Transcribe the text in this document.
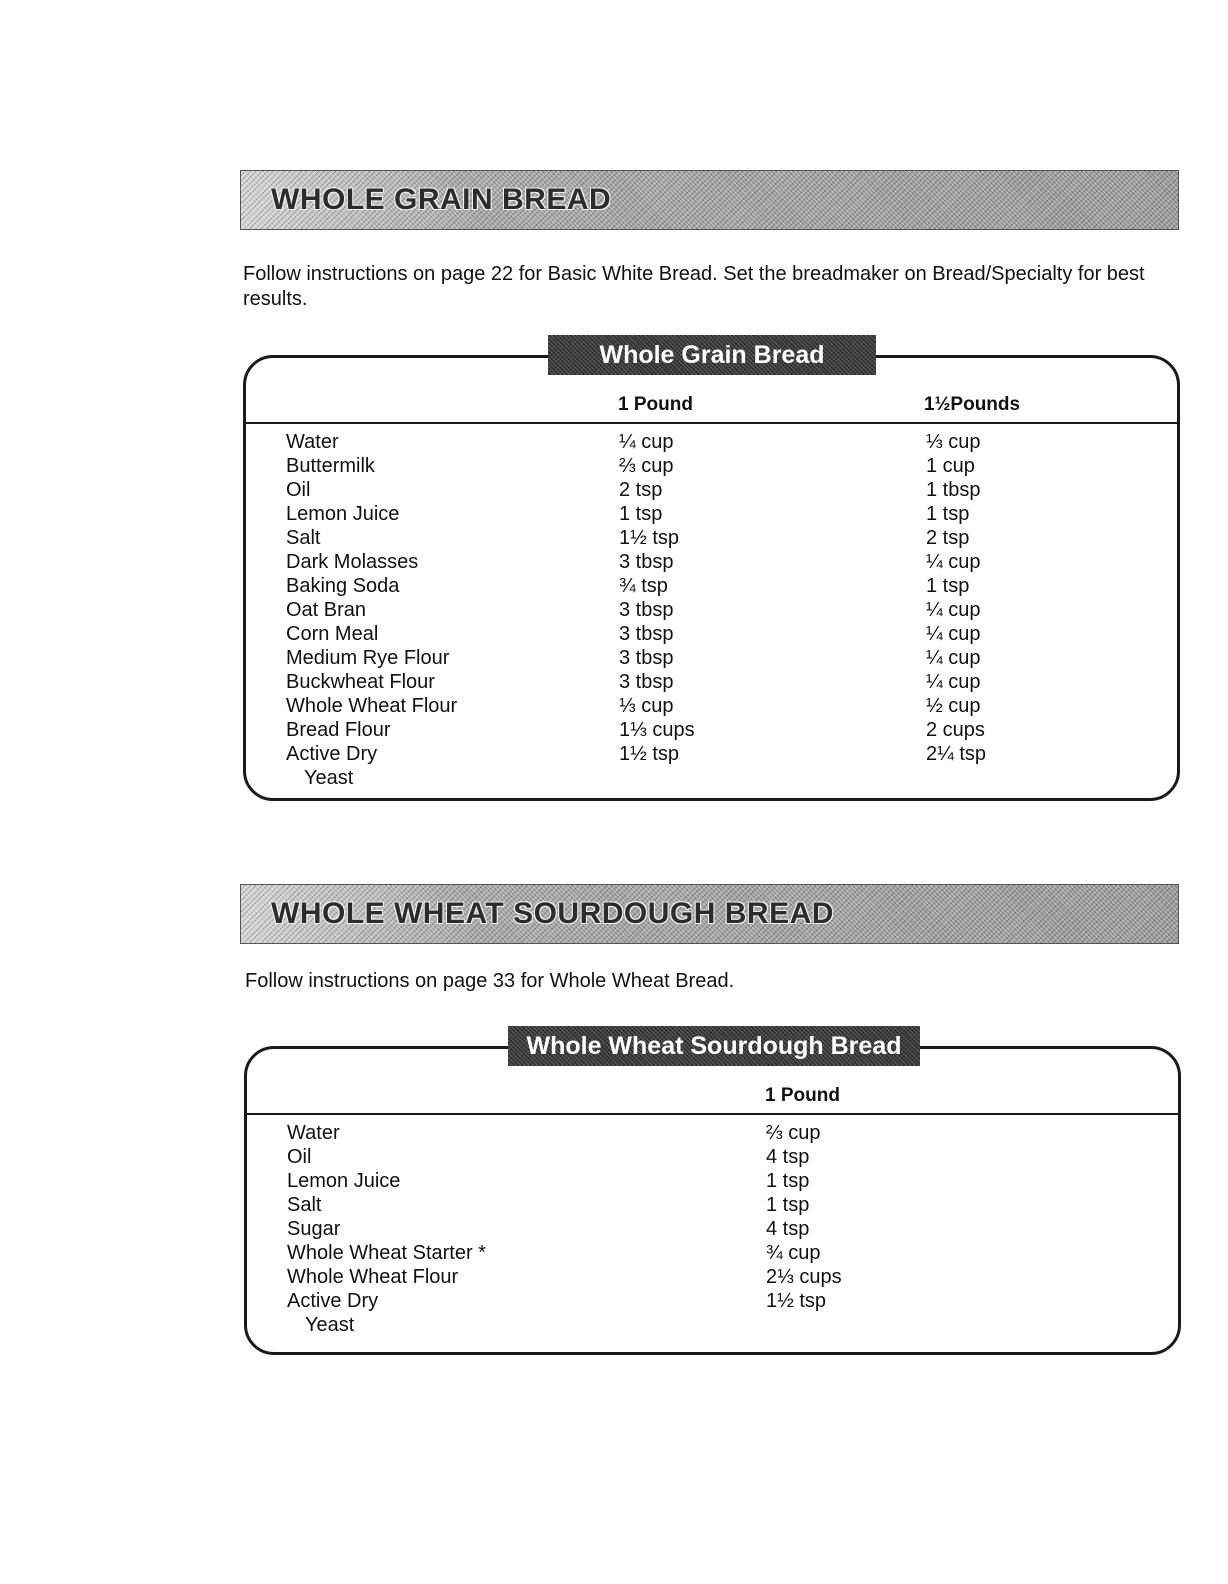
WHOLE GRAIN BREAD

Follow instructions on page 22 for Basic White Bread. Set the breadmaker on Bread/Specialty for best results.

Whole Grain Bread
1 Pound	1½Pounds
Water	¼ cup	⅓ cup
Buttermilk	⅔ cup	1 cup
Oil	2 tsp	1 tbsp
Lemon Juice	1 tsp	1 tsp
Salt	1½ tsp	2 tsp
Dark Molasses	3 tbsp	¼ cup
Baking Soda	¾ tsp	1 tsp
Oat Bran	3 tbsp	¼ cup
Corn Meal	3 tbsp	¼ cup
Medium Rye Flour	3 tbsp	¼ cup
Buckwheat Flour	3 tbsp	¼ cup
Whole Wheat Flour	⅓ cup	½ cup
Bread Flour	1⅓ cups	2 cups
Active Dry	1½ tsp	2¼ tsp
Yeast
WHOLE WHEAT SOURDOUGH BREAD

Follow instructions on page 33 for Whole Wheat Bread.

Whole Wheat Sourdough Bread
1 Pound
Water	⅔ cup
Oil	4 tsp
Lemon Juice	1 tsp
Salt	1 tsp
Sugar	4 tsp
Whole Wheat Starter *	¾ cup
Whole Wheat Flour	2⅓ cups
Active Dry	1½ tsp
Yeast
